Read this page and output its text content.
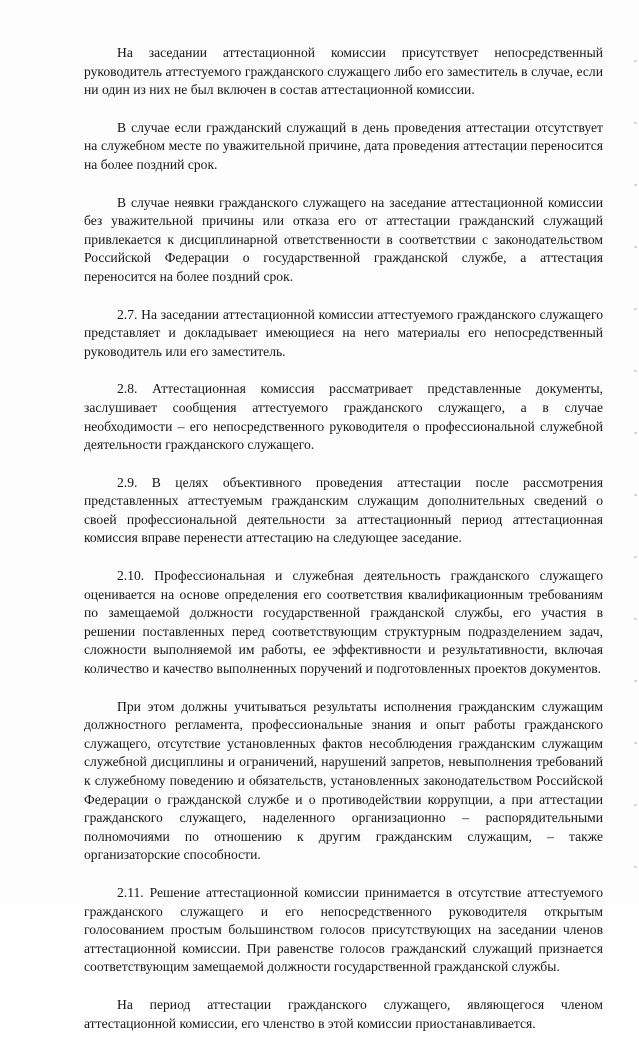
На заседании аттестационной комиссии присутствует непосредственный руководитель аттестуемого гражданского служащего либо его заместитель в случае, если ни один из них не был включен в состав аттестационной комиссии.

В случае если гражданский служащий в день проведения аттестации отсутствует на служебном месте по уважительной причине, дата проведения аттестации переносится на более поздний срок.

В случае неявки гражданского служащего на заседание аттестационной комиссии без уважительной причины или отказа его от аттестации гражданский служащий привлекается к дисциплинарной ответственности в соответствии с законодательством Российской Федерации о государственной гражданской службе, а аттестация переносится на более поздний срок.

2.7. На заседании аттестационной комиссии аттестуемого гражданского служащего представляет и докладывает имеющиеся на него материалы его непосредственный руководитель или его заместитель.

2.8. Аттестационная комиссия рассматривает представленные документы, заслушивает сообщения аттестуемого гражданского служащего, а в случае необходимости – его непосредственного руководителя о профессиональной служебной деятельности гражданского служащего.

2.9. В целях объективного проведения аттестации после рассмотрения представленных аттестуемым гражданским служащим дополнительных сведений о своей профессиональной деятельности за аттестационный период аттестационная комиссия вправе перенести аттестацию на следующее заседание.

2.10. Профессиональная и служебная деятельность гражданского служащего оценивается на основе определения его соответствия квалификационным требованиям по замещаемой должности государственной гражданской службы, его участия в решении поставленных перед соответствующим структурным подразделением задач, сложности выполняемой им работы, ее эффективности и результативности, включая количество и качество выполненных поручений и подготовленных проектов документов.

При этом должны учитываться результаты исполнения гражданским служащим должностного регламента, профессиональные знания и опыт работы гражданского служащего, отсутствие установленных фактов несоблюдения гражданским служащим служебной дисциплины и ограничений, нарушений запретов, невыполнения требований к служебному поведению и обязательств, установленных законодательством Российской Федерации о гражданской службе и о противодействии коррупции, а при аттестации гражданского служащего, наделенного организационно – распорядительными полномочиями по отношению к другим гражданским служащим, – также организаторские способности.

2.11. Решение аттестационной комиссии принимается в отсутствие аттестуемого гражданского служащего и его непосредственного руководителя открытым голосованием простым большинством голосов присутствующих на заседании членов аттестационной комиссии. При равенстве голосов гражданский служащий признается соответствующим замещаемой должности государственной гражданской службы.

На период аттестации гражданского служащего, являющегося членом аттестационной комиссии, его членство в этой комиссии приостанавливается.
